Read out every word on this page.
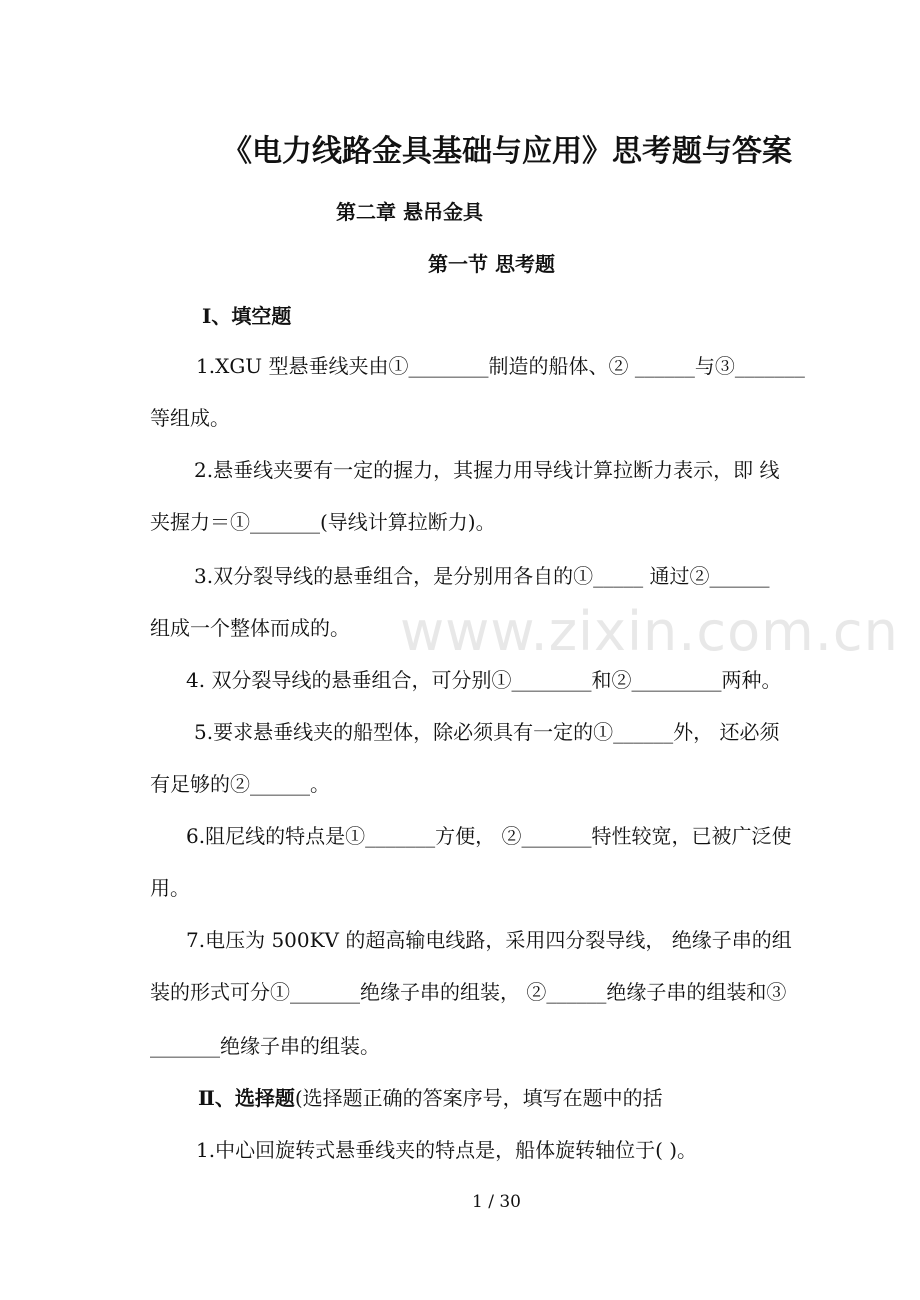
www.zixin.com.cn
《电力线路金具基础与应用》思考题与答案
第二章 悬吊金具
第一节 思考题
Ⅰ、填空题
1.XGU 型悬垂线夹由①________制造的船体、② ______与③_______
等组成。
2.悬垂线夹要有一定的握力，其握力用导线计算拉断力表示，即 线
夹握力＝①_______(导线计算拉断力)。
3.双分裂导线的悬垂组合，是分别用各自的①_____ 通过②______
组成一个整体而成的。
4. 双分裂导线的悬垂组合，可分别①________和②_________两种。
5.要求悬垂线夹的船型体，除必须具有一定的①______外， 还必须
有足够的②______。
6.阻尼线的特点是①_______方便， ②_______特性较宽，已被广泛使
用。
7.电压为 500KV 的超高输电线路，采用四分裂导线， 绝缘子串的组
装的形式可分①_______绝缘子串的组装， ②______绝缘子串的组装和③
_______绝缘子串的组装。
Ⅱ、选择题(选择题正确的答案序号，填写在题中的括
1.中心回旋转式悬垂线夹的特点是，船体旋转轴位于( )。
1 / 30
